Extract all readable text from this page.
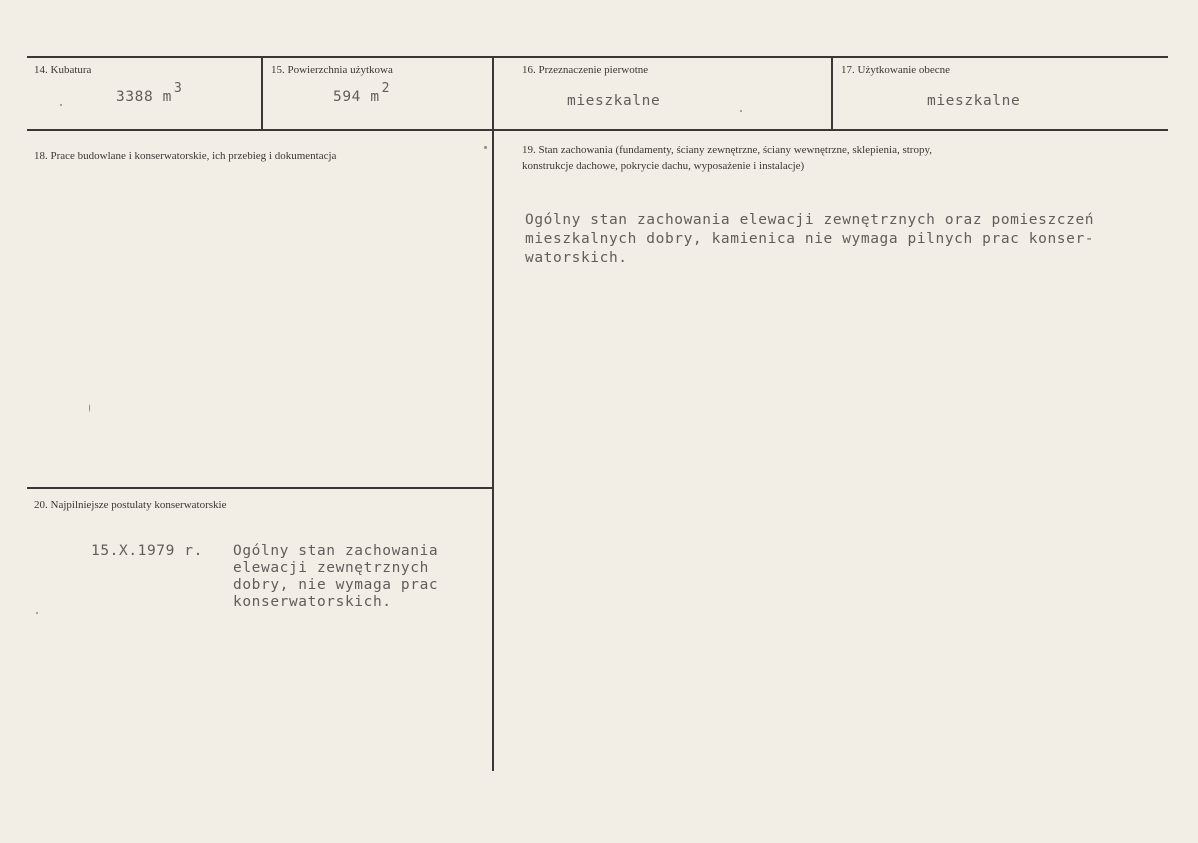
14. Kubatura
3388 m3
15. Powierzchnia użytkowa
594 m2
16. Przeznaczenie pierwotne
mieszkalne
17. Użytkowanie obecne
mieszkalne
18. Prace budowlane i konserwatorskie, ich przebieg i dokumentacja	19. Stan zachowania (fundamenty, ściany zewnętrzne, ściany wewnętrzne, sklepienia, stropy,
konstrukcje dachowe, pokrycie dachu, wyposażenie i instalacje)
Ogólny stan zachowania elewacji zewnętrznych oraz pomieszczeń
mieszkalnych dobry, kamienica nie wymaga pilnych prac konser-
watorskich.
20. Najpilniejsze postulaty konserwatorskie
15.X.1979 r. Ogólny stan zachowania
elewacji zewnętrznych
dobry, nie wymaga prac
konserwatorskich.
